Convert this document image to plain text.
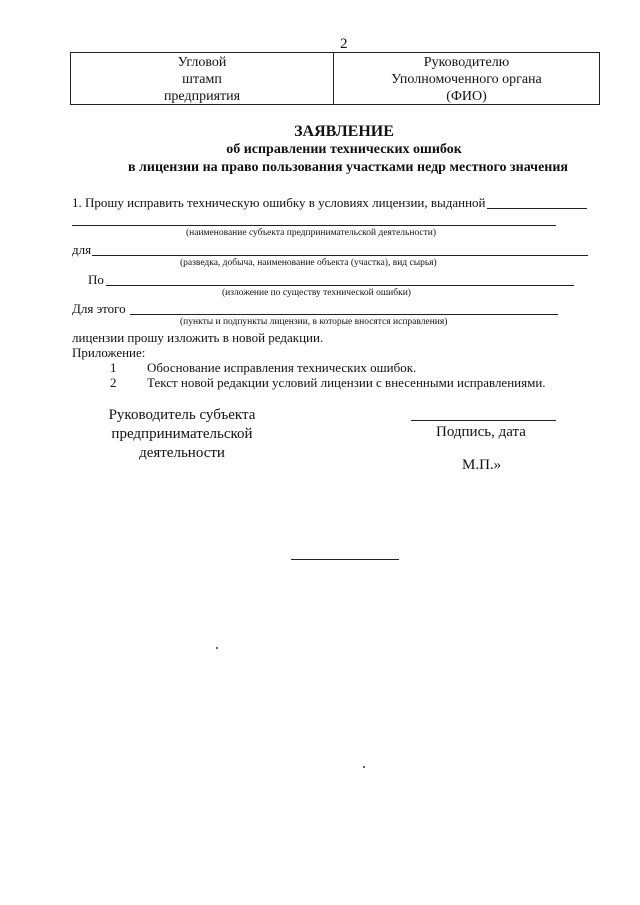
2
Угловой
штамп
предприятия
Руководителю
Уполномоченного органа
(ФИО)
ЗАЯВЛЕНИЕ
об исправлении технических ошибок
в лицензии на право пользования участками недр местного значения
1. Прошу исправить техническую ошибку в условиях лицензии, выданной
(наименование субъекта предпринимательской деятельности)
для
(разведка, добыча, наименование объекта (участка), вид сырья)
По
(изложение по существу технической ошибки)
Для этого
(пункты и подпункты лицензии, в которые вносятся исправления)
лицензии прошу изложить в новой редакции.
Приложение:
1 Обоснование исправления технических ошибок.
2 Текст новой редакции условий лицензии с внесенными исправлениями.
Руководитель субъекта
предпринимательской
деятельности
Подпись, дата
М.П.»
